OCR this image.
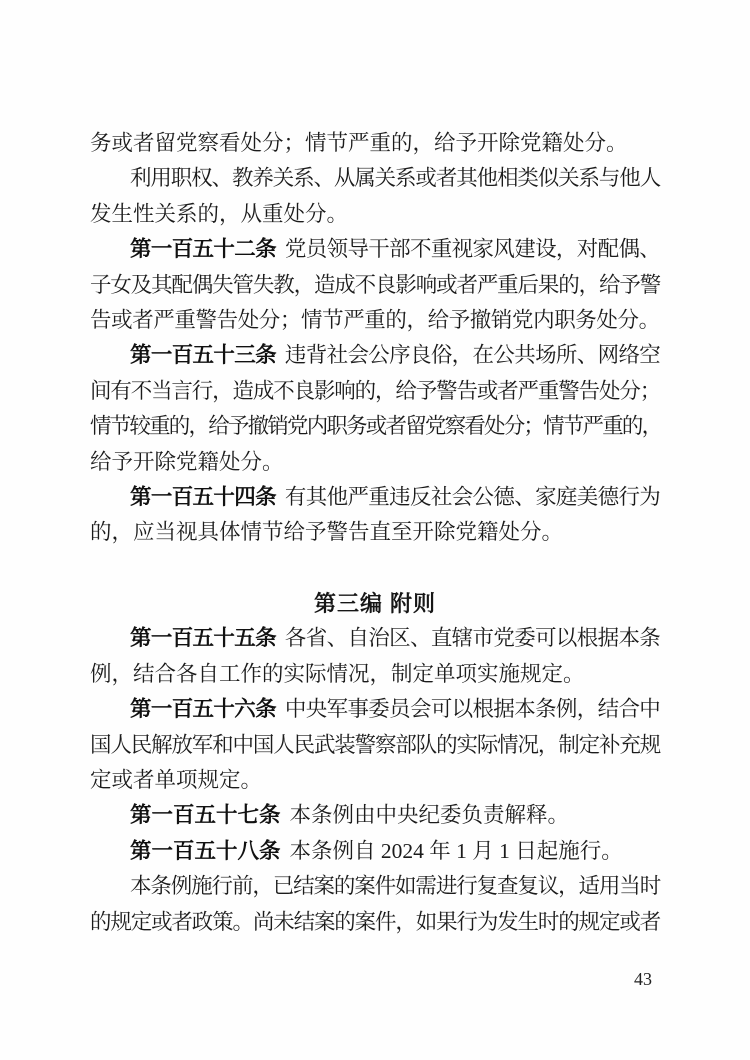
务或者留党察看处分；情节严重的，给予开除党籍处分。
利用职权、教养关系、从属关系或者其他相类似关系与他人
发生性关系的，从重处分。
第一百五十二条 党员领导干部不重视家风建设，对配偶、
子女及其配偶失管失教，造成不良影响或者严重后果的，给予警
告或者严重警告处分；情节严重的，给予撤销党内职务处分。
第一百五十三条 违背社会公序良俗，在公共场所、网络空
间有不当言行，造成不良影响的，给予警告或者严重警告处分；
情节较重的，给予撤销党内职务或者留党察看处分；情节严重的，
给予开除党籍处分。
第一百五十四条 有其他严重违反社会公德、家庭美德行为
的，应当视具体情节给予警告直至开除党籍处分。
第三编 附则
第一百五十五条 各省、自治区、直辖市党委可以根据本条
例，结合各自工作的实际情况，制定单项实施规定。
第一百五十六条 中央军事委员会可以根据本条例，结合中
国人民解放军和中国人民武装警察部队的实际情况，制定补充规
定或者单项规定。
第一百五十七条 本条例由中央纪委负责解释。
第一百五十八条 本条例自 2024 年 1 月 1 日起施行。
本条例施行前，已结案的案件如需进行复查复议，适用当时
的规定或者政策。尚未结案的案件，如果行为发生时的规定或者
43
